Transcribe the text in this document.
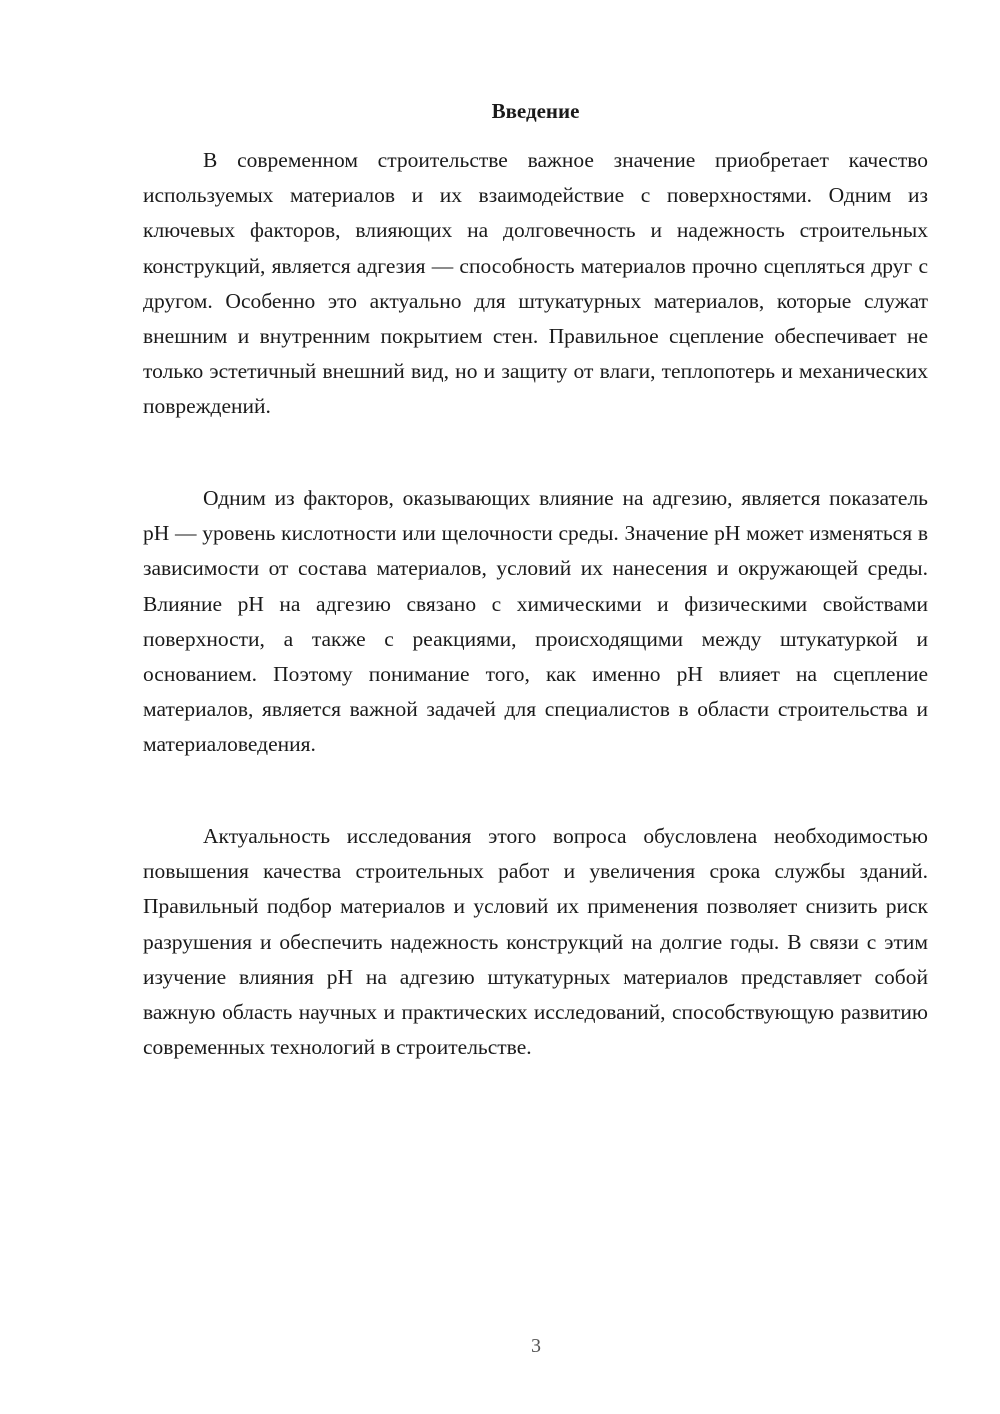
Введение

В современном строительстве важное значение приобретает качество используемых материалов и их взаимодействие с поверхностями. Одним из ключевых факторов, влияющих на долговечность и надежность строительных конструкций, является адгезия — способность материалов прочно сцепляться друг с другом. Особенно это актуально для штукатурных материалов, которые служат внешним и внутренним покрытием стен. Правильное сцепление обеспечивает не только эстетичный внешний вид, но и защиту от влаги, теплопотерь и механических повреждений.

Одним из факторов, оказывающих влияние на адгезию, является показатель pH — уровень кислотности или щелочности среды. Значение pH может изменяться в зависимости от состава материалов, условий их нанесения и окружающей среды. Влияние pH на адгезию связано с химическими и физическими свойствами поверхности, а также с реакциями, происходящими между штукатуркой и основанием. Поэтому понимание того, как именно pH влияет на сцепление материалов, является важной задачей для специалистов в области строительства и материаловедения.

Актуальность исследования этого вопроса обусловлена необходимостью повышения качества строительных работ и увеличения срока службы зданий. Правильный подбор материалов и условий их применения позволяет снизить риск разрушения и обеспечить надежность конструкций на долгие годы. В связи с этим изучение влияния pH на адгезию штукатурных материалов представляет собой важную область научных и практических исследований, способствующую развитию современных технологий в строительстве.

3
